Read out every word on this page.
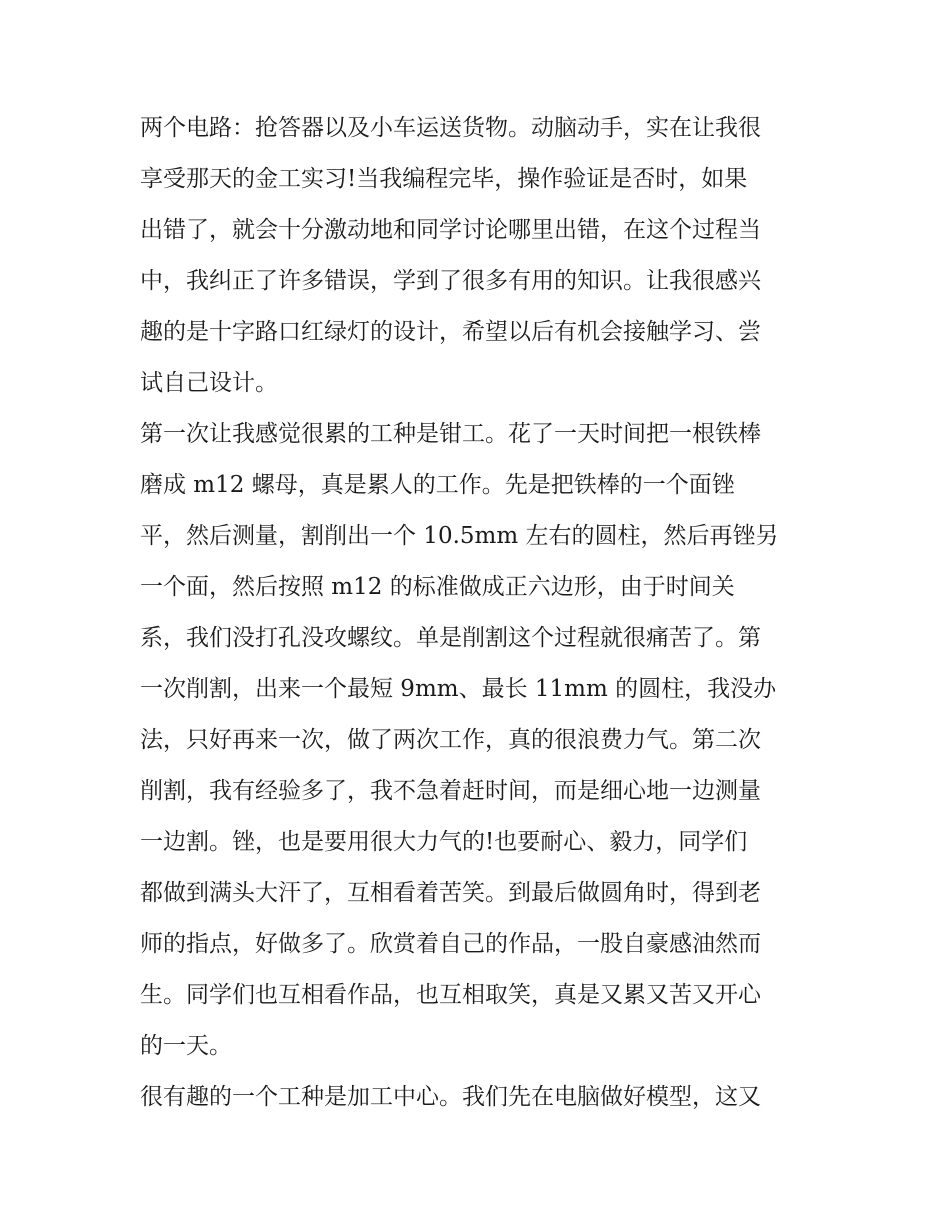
两个电路：抢答器以及小车运送货物。动脑动手，实在让我很
享受那天的金工实习!当我编程完毕，操作验证是否时，如果
出错了，就会十分激动地和同学讨论哪里出错，在这个过程当
中，我纠正了许多错误，学到了很多有用的知识。让我很感兴
趣的是十字路口红绿灯的设计，希望以后有机会接触学习、尝
试自己设计。
第一次让我感觉很累的工种是钳工。花了一天时间把一根铁棒
磨成 m12 螺母，真是累人的工作。先是把铁棒的一个面锉
平，然后测量，割削出一个 10.5mm 左右的圆柱，然后再锉另
一个面，然后按照 m12 的标准做成正六边形，由于时间关
系，我们没打孔没攻螺纹。单是削割这个过程就很痛苦了。第
一次削割，出来一个最短 9mm、最长 11mm 的圆柱，我没办
法，只好再来一次，做了两次工作，真的很浪费力气。第二次
削割，我有经验多了，我不急着赶时间，而是细心地一边测量
一边割。锉，也是要用很大力气的!也要耐心、毅力，同学们
都做到满头大汗了，互相看着苦笑。到最后做圆角时，得到老
师的指点，好做多了。欣赏着自己的作品，一股自豪感油然而
生。同学们也互相看作品，也互相取笑，真是又累又苦又开心
的一天。
很有趣的一个工种是加工中心。我们先在电脑做好模型，这又
